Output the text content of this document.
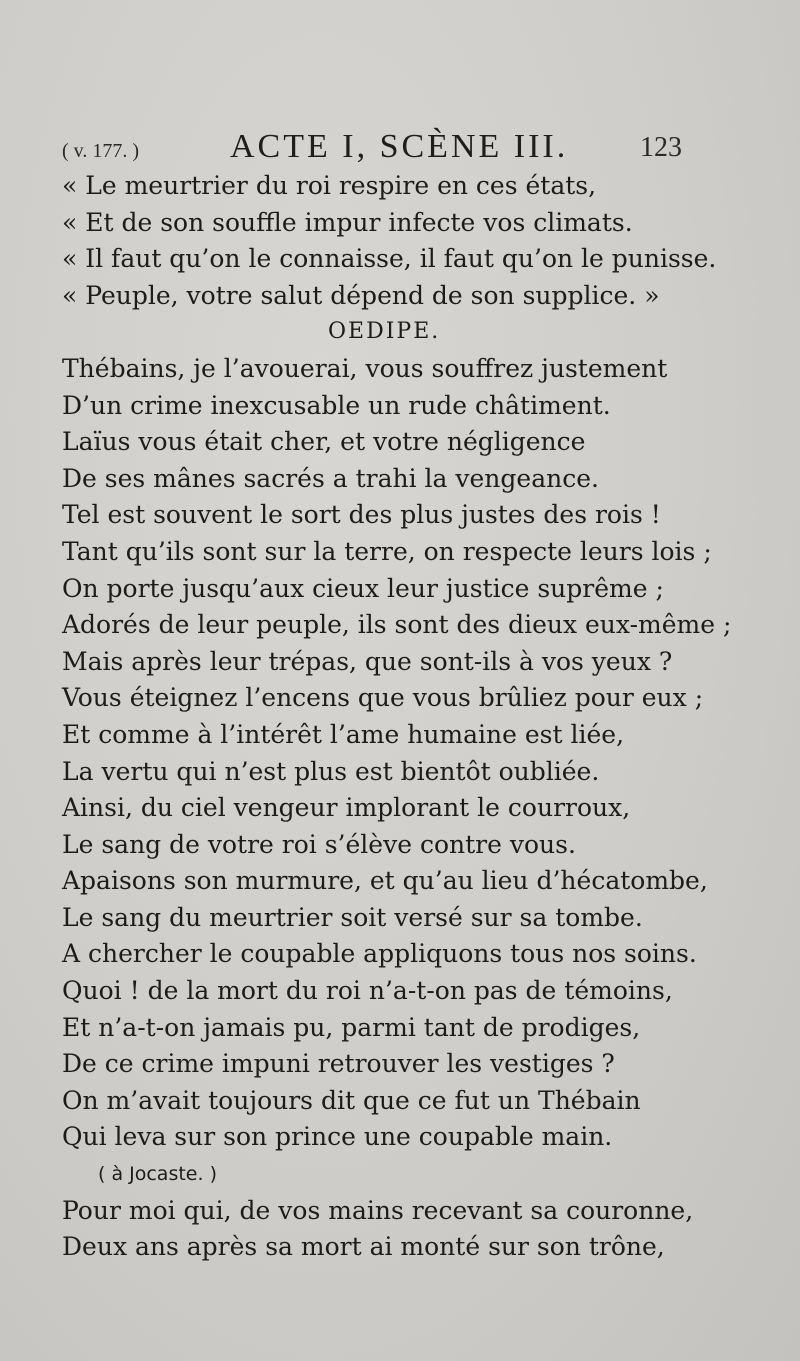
( v. 177. )	ACTE I, SCÈNE III.	123
« Le meurtrier du roi respire en ces états,
« Et de son souffle impur infecte vos climats.
« Il faut qu’on le connaisse, il faut qu’on le punisse.
« Peuple, votre salut dépend de son supplice. »
OEDIPE.
Thébains, je l’avouerai, vous souffrez justement
D’un crime inexcusable un rude châtiment.
Laïus vous était cher, et votre négligence
De ses mânes sacrés a trahi la vengeance.
Tel est souvent le sort des plus justes des rois !
Tant qu’ils sont sur la terre, on respecte leurs lois ;
On porte jusqu’aux cieux leur justice suprême ;
Adorés de leur peuple, ils sont des dieux eux-même ;
Mais après leur trépas, que sont-ils à vos yeux ?
Vous éteignez l’encens que vous brûliez pour eux ;
Et comme à l’intérêt l’ame humaine est liée,
La vertu qui n’est plus est bientôt oubliée.
Ainsi, du ciel vengeur implorant le courroux,
Le sang de votre roi s’élève contre vous.
Apaisons son murmure, et qu’au lieu d’hécatombe,
Le sang du meurtrier soit versé sur sa tombe.
A chercher le coupable appliquons tous nos soins.
Quoi ! de la mort du roi n’a-t-on pas de témoins,
Et n’a-t-on jamais pu, parmi tant de prodiges,
De ce crime impuni retrouver les vestiges ?
On m’avait toujours dit que ce fut un Thébain
Qui leva sur son prince une coupable main.
( à Jocaste. )
Pour moi qui, de vos mains recevant sa couronne,
Deux ans après sa mort ai monté sur son trône,
